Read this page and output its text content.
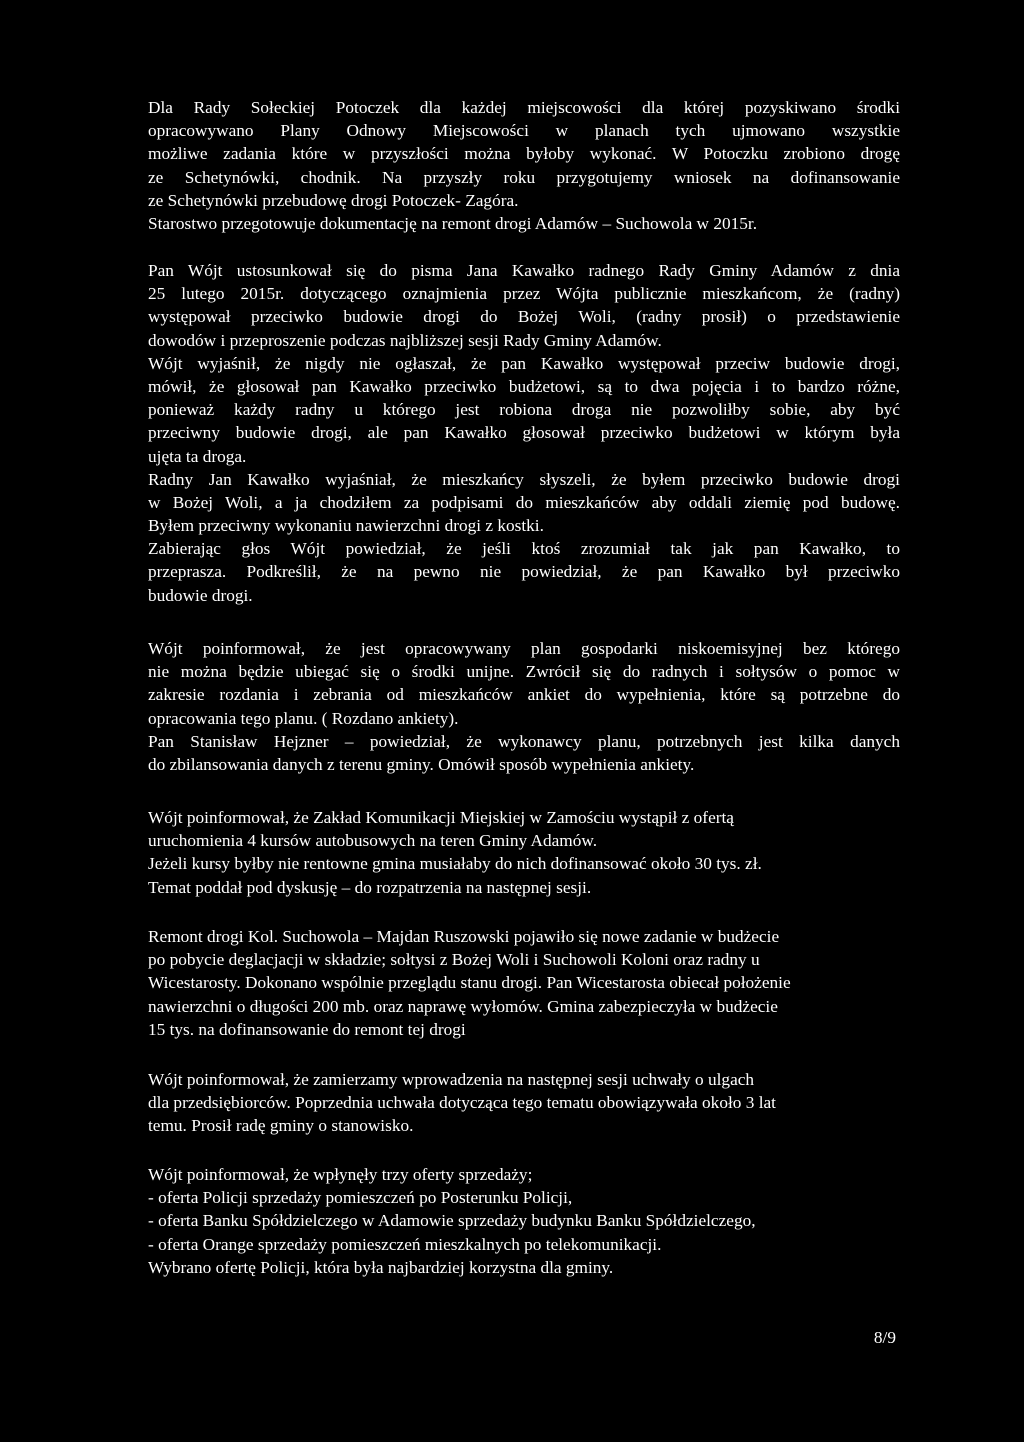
Dla Rady Sołeckiej Potoczek dla każdej miejscowości dla której pozyskiwano środki
opracowywano Plany Odnowy Miejscowości w planach tych ujmowano wszystkie
możliwe zadania które w przyszłości można byłoby wykonać. W Potoczku zrobiono drogę
ze Schetynówki, chodnik. Na przyszły roku przygotujemy wniosek na dofinansowanie
ze Schetynówki przebudowę drogi Potoczek- Zagóra.
Starostwo przegotowuje dokumentację na remont drogi Adamów – Suchowola w 2015r.
Pan Wójt ustosunkował się do pisma Jana Kawałko radnego Rady Gminy Adamów z dnia
25 lutego 2015r. dotyczącego oznajmienia przez Wójta publicznie mieszkańcom, że (radny)
występował przeciwko budowie drogi do Bożej Woli, (radny prosił) o przedstawienie
dowodów i przeproszenie podczas najbliższej sesji Rady Gminy Adamów.
Wójt wyjaśnił, że nigdy nie ogłaszał, że pan Kawałko występował przeciw budowie drogi,
mówił, że głosował pan Kawałko przeciwko budżetowi, są to dwa pojęcia i to bardzo różne,
ponieważ każdy radny u którego jest robiona droga nie pozwoliłby sobie, aby być
przeciwny budowie drogi, ale pan Kawałko głosował przeciwko budżetowi w którym była
ujęta ta droga.
Radny Jan Kawałko wyjaśniał, że mieszkańcy słyszeli, że byłem przeciwko budowie drogi
w Bożej Woli, a ja chodziłem za podpisami do mieszkańców aby oddali ziemię pod budowę.
Byłem przeciwny wykonaniu nawierzchni drogi z kostki.
Zabierając głos Wójt powiedział, że jeśli ktoś zrozumiał tak jak pan Kawałko, to
przeprasza. Podkreślił, że na pewno nie powiedział, że pan Kawałko był przeciwko
budowie drogi.
Wójt poinformował, że jest opracowywany plan gospodarki niskoemisyjnej bez którego
nie można będzie ubiegać się o środki unijne. Zwrócił się do radnych i sołtysów o pomoc w
zakresie rozdania i zebrania od mieszkańców ankiet do wypełnienia, które są potrzebne do
opracowania tego planu. ( Rozdano ankiety).
Pan Stanisław Hejzner – powiedział, że wykonawcy planu, potrzebnych jest kilka danych
do zbilansowania danych z terenu gminy. Omówił sposób wypełnienia ankiety.
Wójt poinformował, że Zakład Komunikacji Miejskiej w Zamościu wystąpił z ofertą
uruchomienia 4 kursów autobusowych na teren Gminy Adamów.
Jeżeli kursy byłby nie rentowne gmina musiałaby do nich dofinansować około 30 tys. zł.
Temat poddał pod dyskusję – do rozpatrzenia na następnej sesji.
Remont drogi Kol. Suchowola – Majdan Ruszowski pojawiło się nowe zadanie w budżecie
po pobycie deglacjacji w składzie; sołtysi z Bożej Woli i Suchowoli Koloni oraz radny u
Wicestarosty. Dokonano wspólnie przeglądu stanu drogi. Pan Wicestarosta obiecał położenie
nawierzchni o długości 200 mb. oraz naprawę wyłomów. Gmina zabezpieczyła w budżecie
15 tys. na dofinansowanie do remont tej drogi
Wójt poinformował, że zamierzamy wprowadzenia na następnej sesji uchwały o ulgach
dla przedsiębiorców. Poprzednia uchwała dotycząca tego tematu obowiązywała około 3 lat
temu. Prosił radę gminy o stanowisko.
Wójt poinformował, że wpłynęły trzy oferty sprzedaży;
- oferta Policji sprzedaży pomieszczeń po Posterunku Policji,
- oferta Banku Spółdzielczego w Adamowie sprzedaży budynku Banku Spółdzielczego,
- oferta Orange sprzedaży pomieszczeń mieszkalnych po telekomunikacji.
Wybrano ofertę Policji, która była najbardziej korzystna dla gminy.
8/9
